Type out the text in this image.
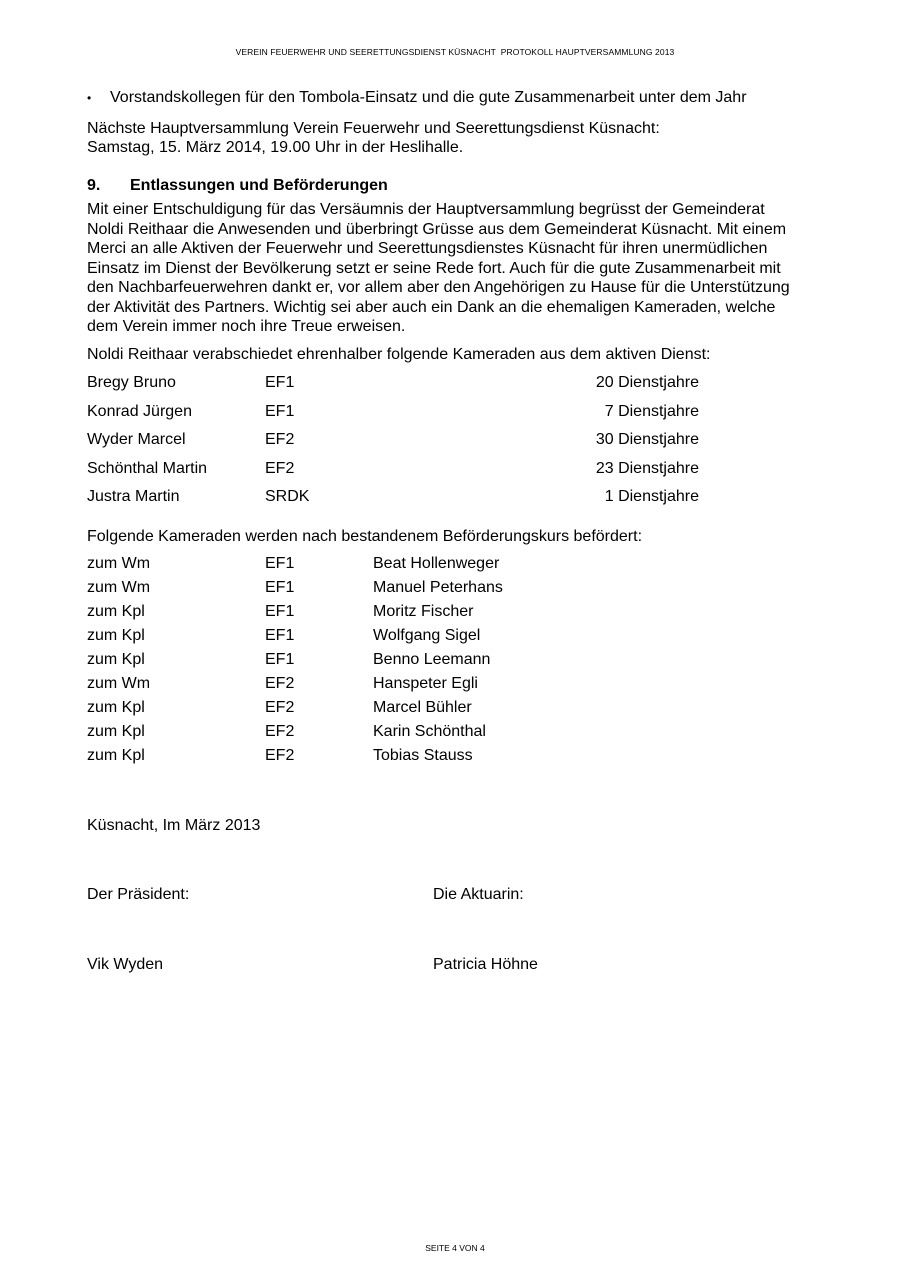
VEREIN FEUERWEHR UND SEERETTUNGSDIENST KÜSNACHT  PROTOKOLL HAUPTVERSAMMLUNG 2013
• Vorstandskollegen für den Tombola-Einsatz und die gute Zusammenarbeit unter dem Jahr
Nächste Hauptversammlung Verein Feuerwehr und Seerettungsdienst Küsnacht:
Samstag, 15. März 2014, 19.00 Uhr in der Heslihalle.
9. Entlassungen und Beförderungen
Mit einer Entschuldigung für das Versäumnis der Hauptversammlung begrüsst der Gemeinderat
Noldi Reithaar die Anwesenden und überbringt Grüsse aus dem Gemeinderat Küsnacht. Mit einem
Merci an alle Aktiven der Feuerwehr und Seerettungsdienstes Küsnacht für ihren unermüdlichen
Einsatz im Dienst der Bevölkerung setzt er seine Rede fort. Auch für die gute Zusammenarbeit mit
den Nachbarfeuerwehren dankt er, vor allem aber den Angehörigen zu Hause für die Unterstützung
der Aktivität des Partners. Wichtig sei aber auch ein Dank an die ehemaligen Kameraden, welche
dem Verein immer noch ihre Treue erweisen.
Noldi Reithaar verabschiedet ehrenhalber folgende Kameraden aus dem aktiven Dienst:
Bregy Bruno	EF1	20 Dienstjahre
Konrad Jürgen	EF1	7 Dienstjahre
Wyder Marcel	EF2	30 Dienstjahre
Schönthal Martin	EF2	23 Dienstjahre
Justra Martin	SRDK	1 Dienstjahre
Folgende Kameraden werden nach bestandenem Beförderungskurs befördert:
zum Wm	EF1	Beat Hollenweger
zum Wm	EF1	Manuel Peterhans
zum Kpl	EF1	Moritz Fischer
zum Kpl	EF1	Wolfgang Sigel
zum Kpl	EF1	Benno Leemann
zum Wm	EF2	Hanspeter Egli
zum Kpl	EF2	Marcel Bühler
zum Kpl	EF2	Karin Schönthal
zum Kpl	EF2	Tobias Stauss
Küsnacht, Im März 2013
Der Präsident:	Die Aktuarin:
Vik Wyden	Patricia Höhne
SEITE 4 VON 4
